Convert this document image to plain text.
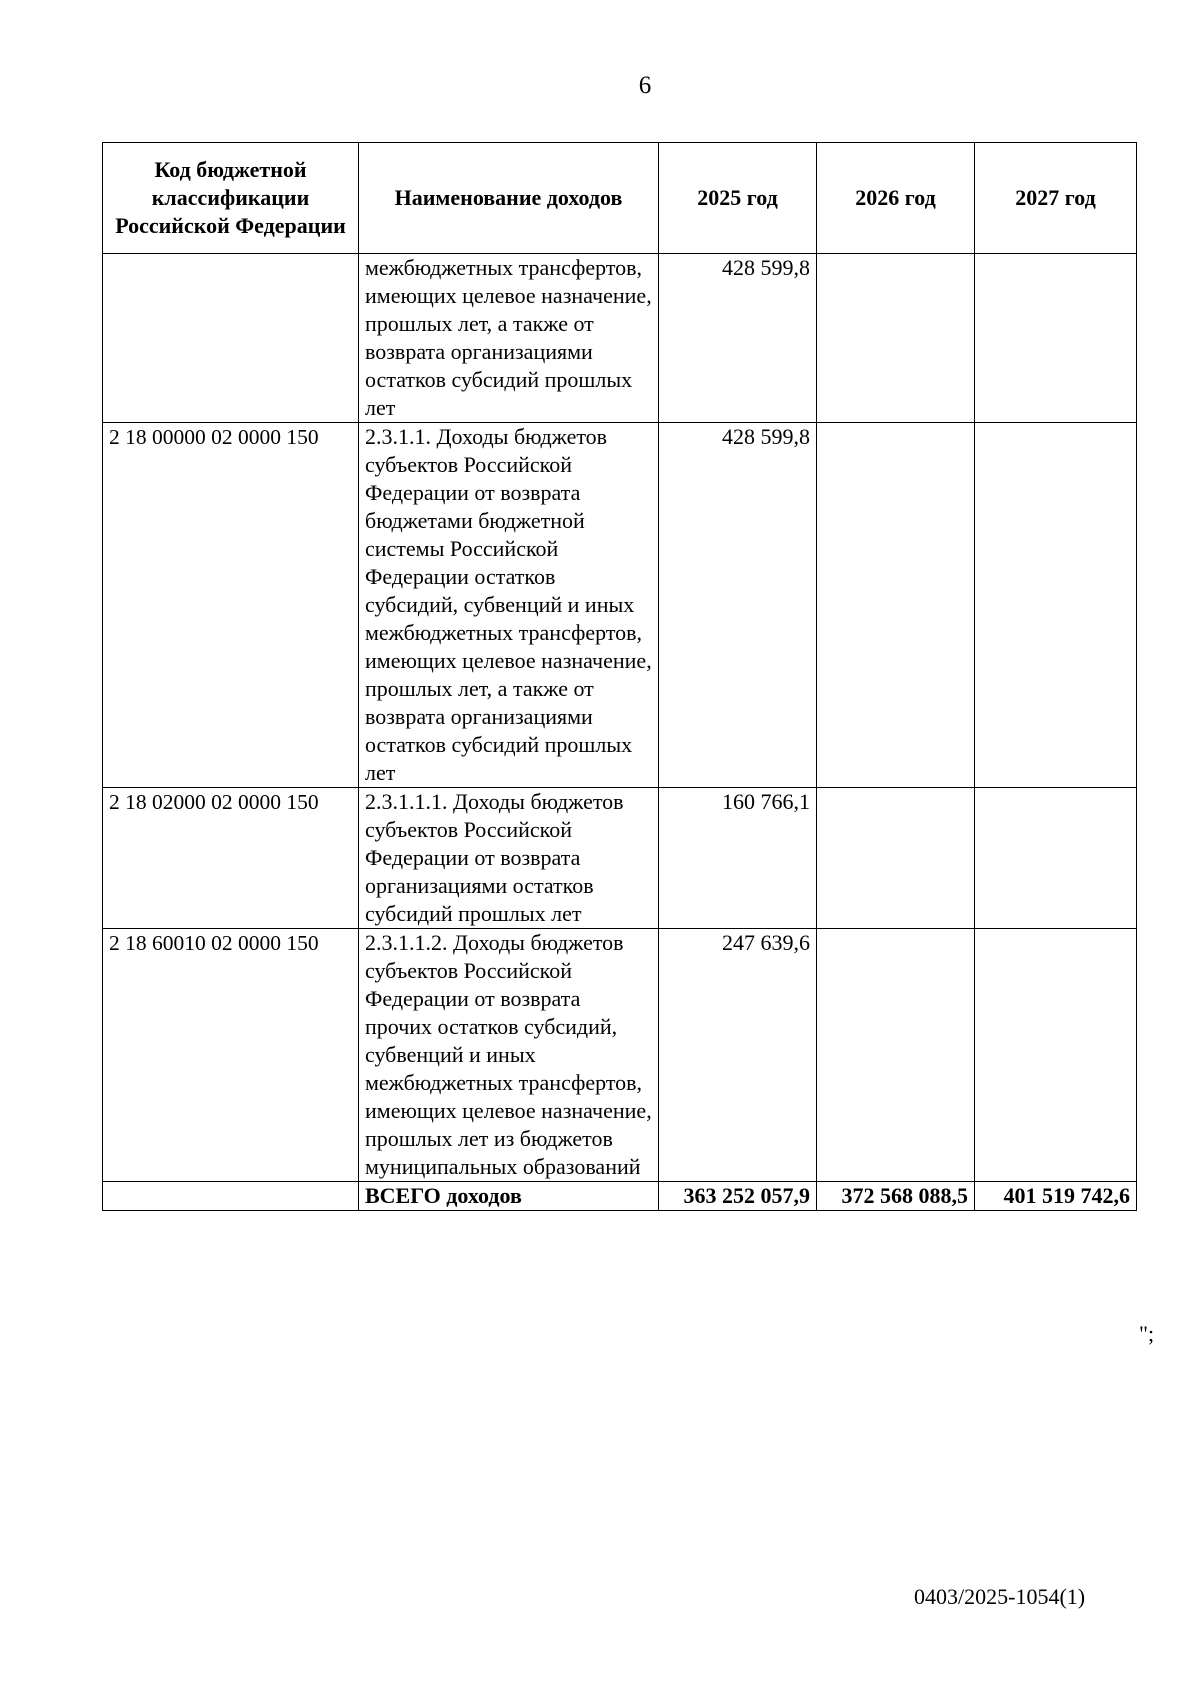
6
Код бюджетной классификации Российской Федерации	Наименование доходов	2025 год	2026 год	2027 год
	межбюджетных трансфертов, имеющих целевое назначение, прошлых лет, а также от возврата организациями остатков субсидий прошлых лет	428 599,8		
2 18 00000 02 0000 150	2.3.1.1. Доходы бюджетов субъектов Российской Федерации от возврата бюджетами бюджетной системы Российской Федерации остатков субсидий, субвенций и иных межбюджетных трансфертов, имеющих целевое назначение, прошлых лет, а также от возврата организациями остатков субсидий прошлых лет	428 599,8		
2 18 02000 02 0000 150	2.3.1.1.1. Доходы бюджетов субъектов Российской Федерации от возврата организациями остатков субсидий прошлых лет	160 766,1		
2 18 60010 02 0000 150	2.3.1.1.2. Доходы бюджетов субъектов Российской Федерации от возврата прочих остатков субсидий, субвенций и иных межбюджетных трансфертов, имеющих целевое назначение, прошлых лет из бюджетов муниципальных образований	247 639,6		
	ВСЕГО доходов	363 252 057,9	372 568 088,5	401 519 742,6
";
0403/2025-1054(1)
